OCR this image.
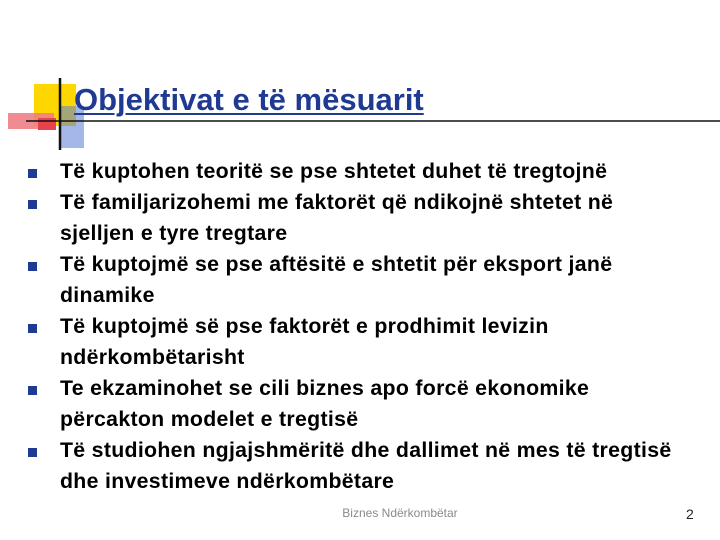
Objektivat e të mësuarit
Të kuptohen teoritë se pse shtetet duhet të tregtojnë
Të familjarizohemi me faktorët që ndikojnë shtetet në sjelljen e tyre tregtare
Të kuptojmë se pse aftësitë e shtetit për eksport janë dinamike
Të kuptojmë së pse faktorët e prodhimit levizin ndërkombëtarisht
Te ekzaminohet se cili biznes apo forcë ekonomike përcakton modelet e tregtisë
Të studiohen ngjajshmëritë dhe dallimet në mes të tregtisë dhe investimeve ndërkombëtare
Biznes Ndërkombëtar	2
